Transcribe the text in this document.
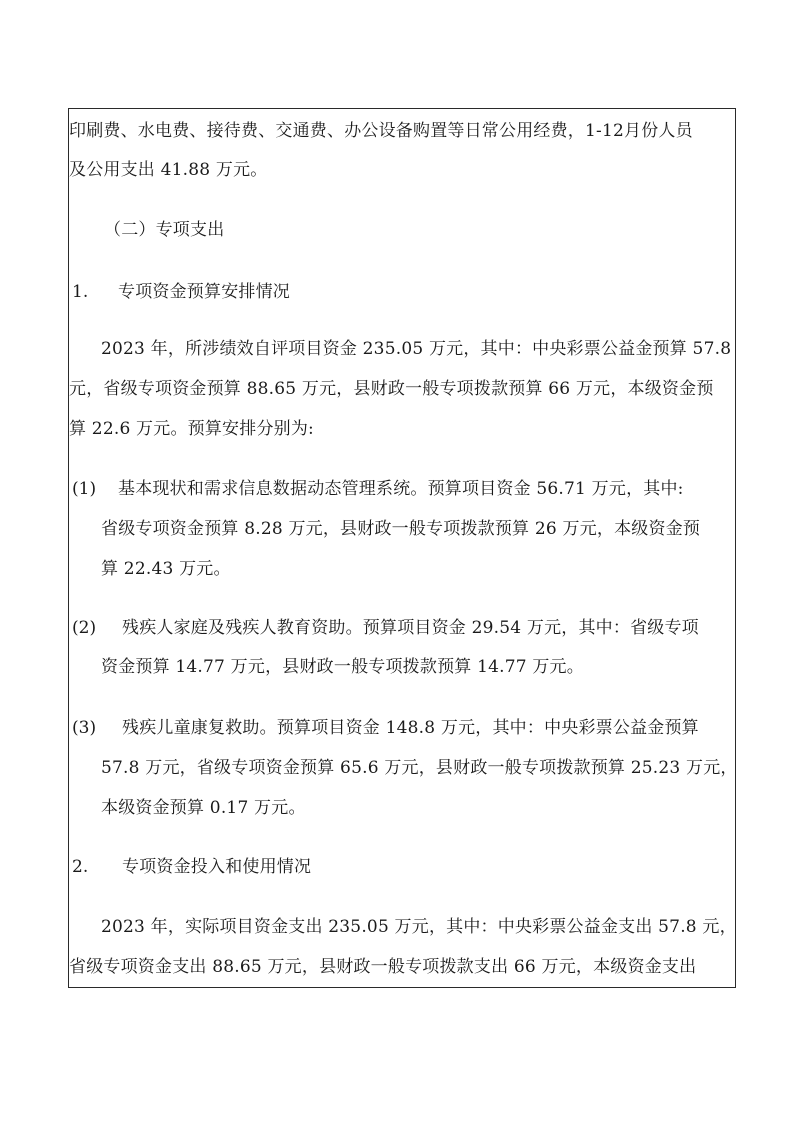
印刷费、水电费、接待费、交通费、办公设备购置等日常公用经费，1-12月份人员
及公用支出 41.88 万元。
（二）专项支出
1. 专项资金预算安排情况
2023 年，所涉绩效自评项目资金 235.05 万元，其中：中央彩票公益金预算 57.8
元，省级专项资金预算 88.65 万元，县财政一般专项拨款预算 66 万元，本级资金预
算 22.6 万元。预算安排分别为:
(1) 基本现状和需求信息数据动态管理系统。预算项目资金 56.71 万元，其中:
省级专项资金预算 8.28 万元，县财政一般专项拨款预算 26 万元，本级资金预
算 22.43 万元。
(2) 残疾人家庭及残疾人教育资助。预算项目资金 29.54 万元，其中：省级专项
资金预算 14.77 万元，县财政一般专项拨款预算 14.77 万元。
(3) 残疾儿童康复救助。预算项目资金 148.8 万元，其中：中央彩票公益金预算
57.8 万元，省级专项资金预算 65.6 万元，县财政一般专项拨款预算 25.23 万元，
本级资金预算 0.17 万元。
2. 专项资金投入和使用情况
2023 年，实际项目资金支出 235.05 万元，其中：中央彩票公益金支出 57.8 元，
省级专项资金支出 88.65 万元，县财政一般专项拨款支出 66 万元，本级资金支出
